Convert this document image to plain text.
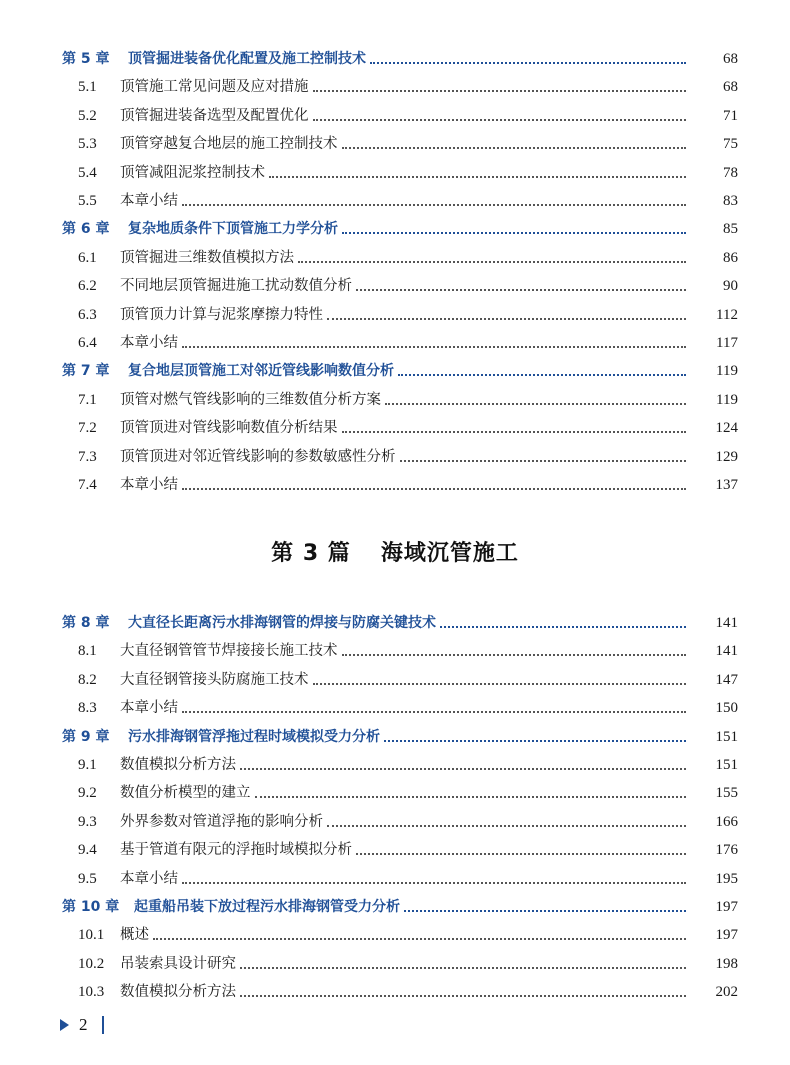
第 5 章	顶管掘进装备优化配置及施工控制技术	68
5.1	顶管施工常见问题及应对措施	68
5.2	顶管掘进装备选型及配置优化	71
5.3	顶管穿越复合地层的施工控制技术	75
5.4	顶管减阻泥浆控制技术	78
5.5	本章小结	83
第 6 章	复杂地质条件下顶管施工力学分析	85
6.1	顶管掘进三维数值模拟方法	86
6.2	不同地层顶管掘进施工扰动数值分析	90
6.3	顶管顶力计算与泥浆摩擦力特性	112
6.4	本章小结	117
第 7 章	复合地层顶管施工对邻近管线影响数值分析	119
7.1	顶管对燃气管线影响的三维数值分析方案	119
7.2	顶管顶进对管线影响数值分析结果	124
7.3	顶管顶进对邻近管线影响的参数敏感性分析	129
7.4	本章小结	137
第 3 篇 海域沉管施工
第 8 章	大直径长距离污水排海钢管的焊接与防腐关键技术	141
8.1	大直径钢管管节焊接接长施工技术	141
8.2	大直径钢管接头防腐施工技术	147
8.3	本章小结	150
第 9 章	污水排海钢管浮拖过程时域模拟受力分析	151
9.1	数值模拟分析方法	151
9.2	数值分析模型的建立	155
9.3	外界参数对管道浮拖的影响分析	166
9.4	基于管道有限元的浮拖时域模拟分析	176
9.5	本章小结	195
第 10 章	起重船吊装下放过程污水排海钢管受力分析	197
10.1	概述	197
10.2	吊装索具设计研究	198
10.3	数值模拟分析方法	202
2
